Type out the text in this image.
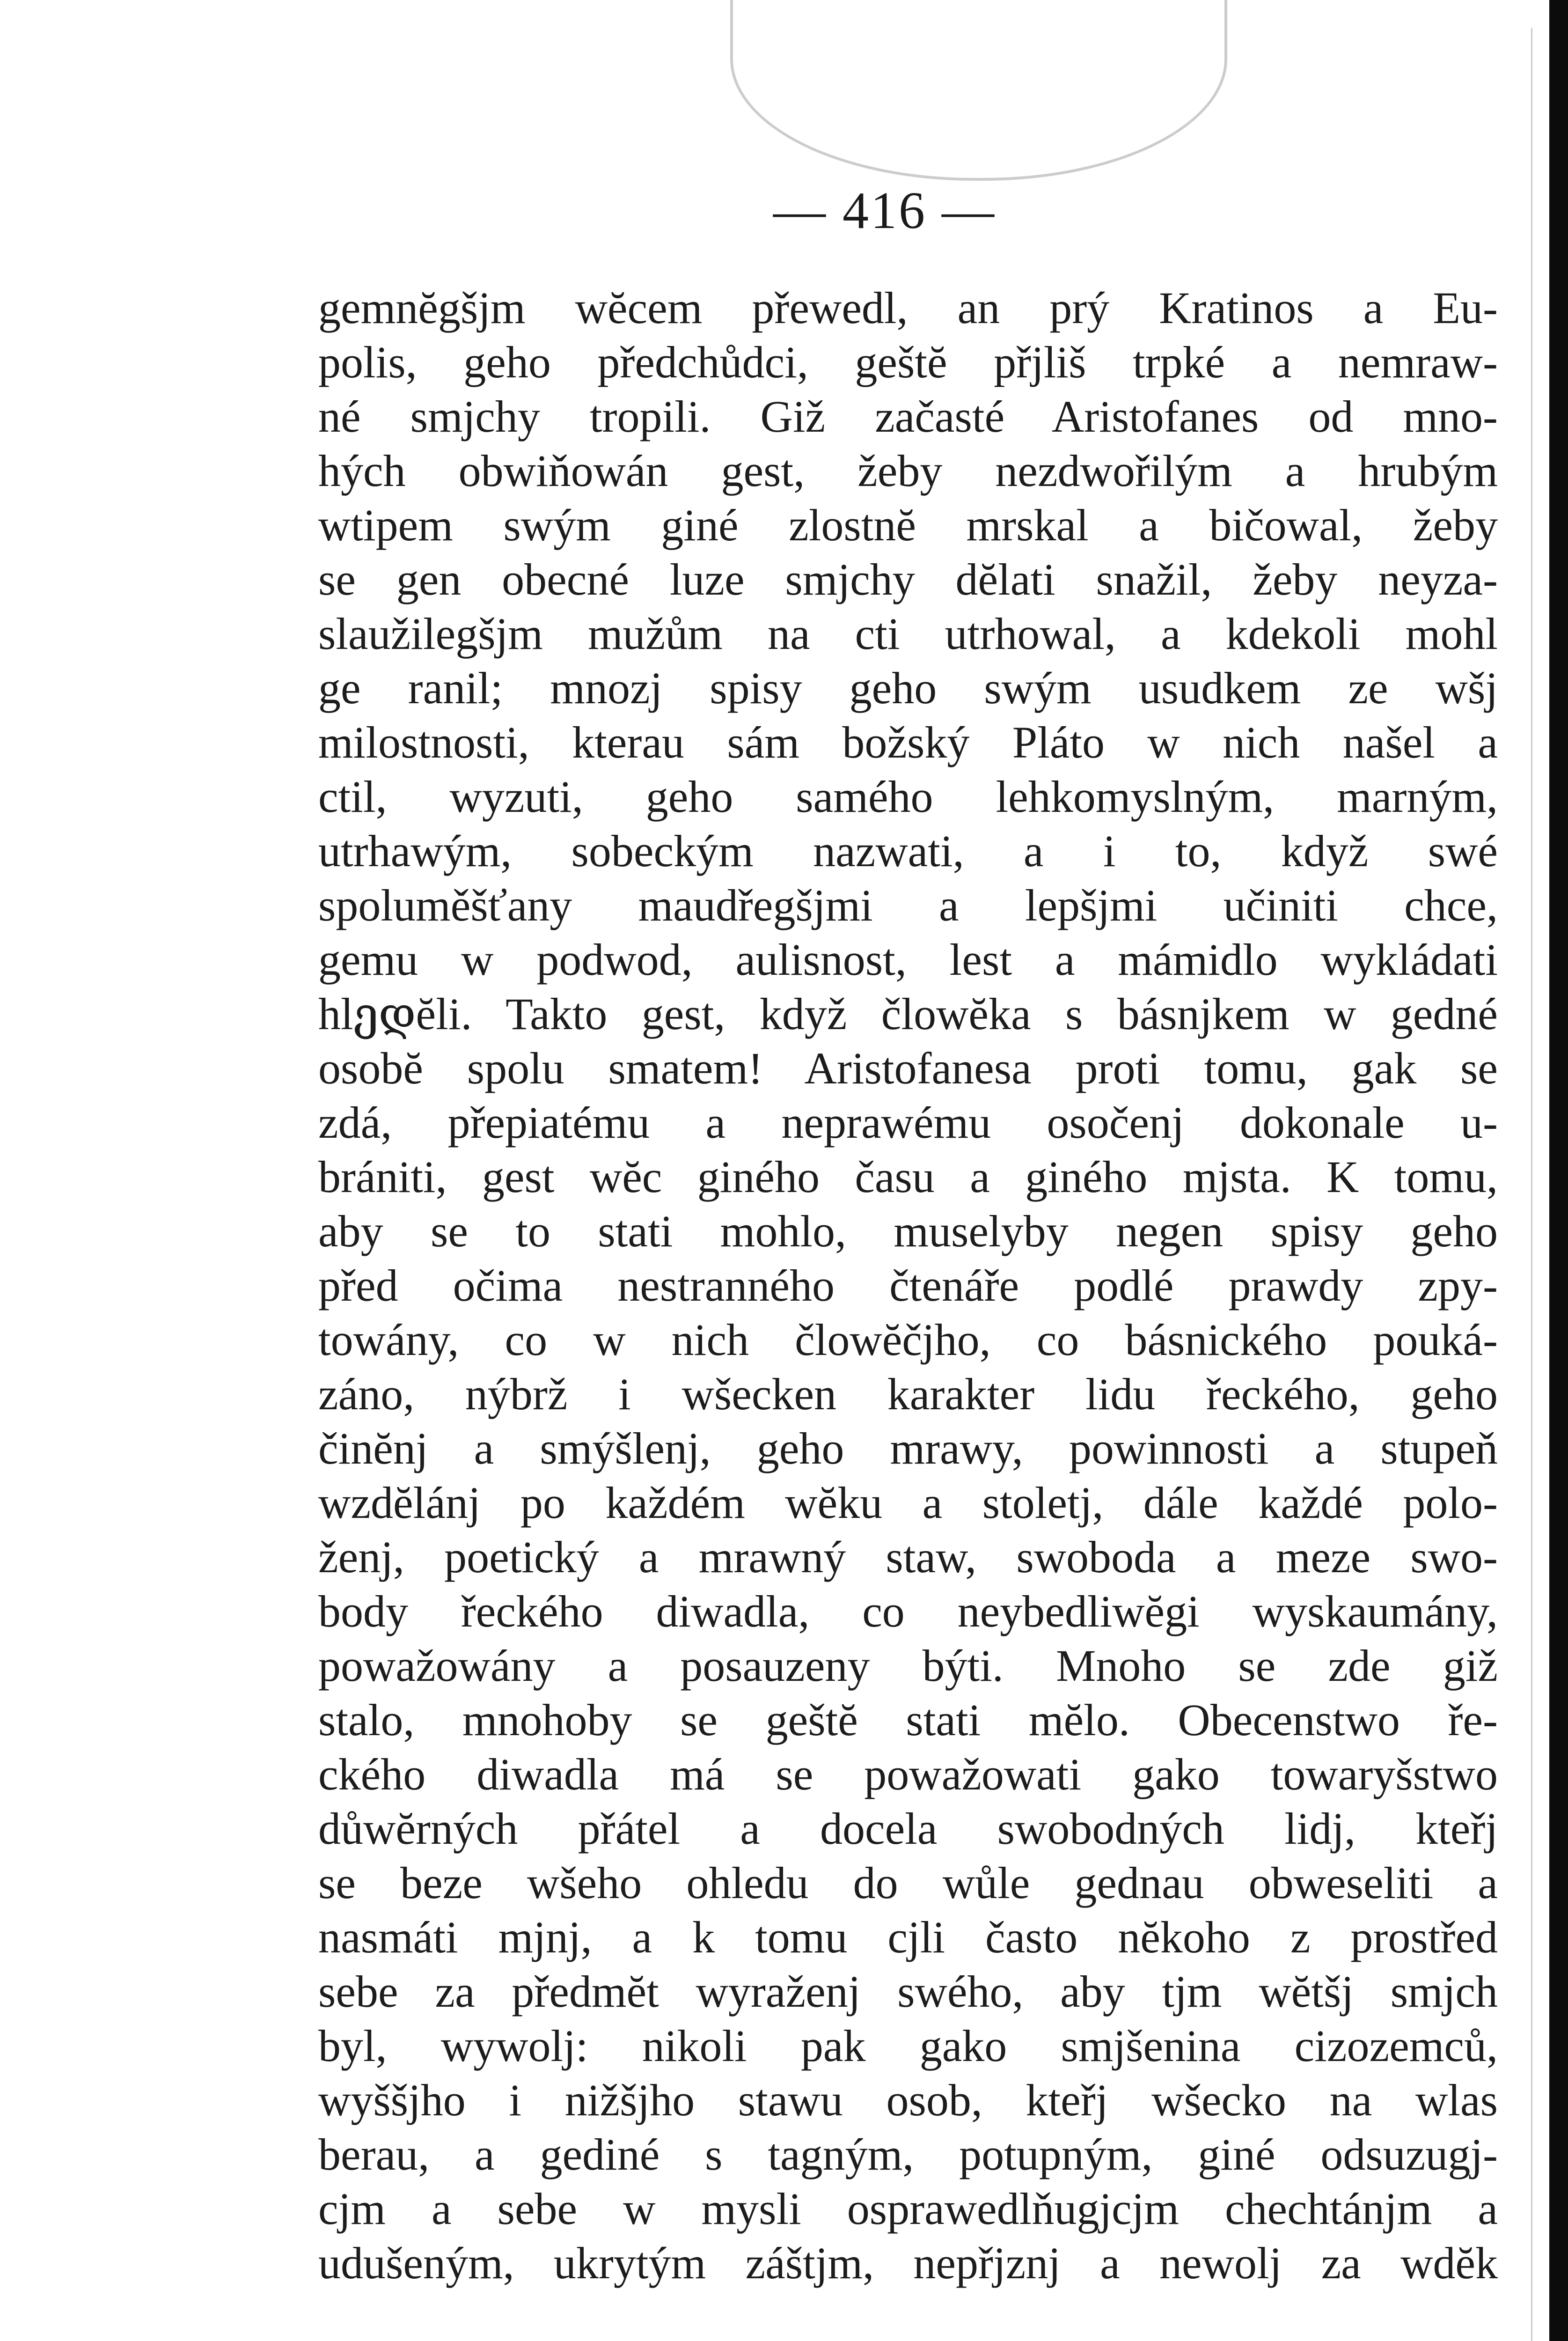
— 416 —
gemnĕgšjm wĕcem přewedl, an prý Kratinos a Eu-
polis, geho předchůdci, geštĕ přjliš trpké a nemraw-
né smjchy tropili. Giž začasté Aristofanes od mno-
hých obwiňowán gest, žeby nezdwořilým a hrubým
wtipem swým giné zlostnĕ mrskal a bičowal, žeby
se gen obecné luze smjchy dĕlati snažil, žeby neyza-
slaužilegšjm mužům na cti utrhowal, a kdekoli mohl
ge ranil; mnozj spisy geho swým usudkem ze wšj
milostnosti, kterau sám božský Pláto w nich našel a
ctil, wyzuti, geho samého lehkomyslným, marným,
utrhawým, sobeckým nazwati, a i to, když swé
spoluměšťany maudřegšjmi a lepšjmi učiniti chce,
gemu w podwod, aulisnost, lest a mámidlo wykládati
hlედĕli. Takto gest, když člowĕka s básnjkem w gedné
osobĕ spolu smatem! Aristofanesa proti tomu, gak se
zdá, přepiatému a neprawému osočenj dokonale u-
brániti, gest wĕc giného času a giného mjsta. K tomu,
aby se to stati mohlo, muselyby negen spisy geho
před očima nestranného čtenáře podlé prawdy zpy-
towány, co w nich člowĕčjho, co básnického pouká-
záno, nýbrž i wšecken karakter lidu řeckého, geho
činĕnj a smýšlenj, geho mrawy, powinnosti a stupeň
wzdĕlánj po každém wĕku a stoletj, dále každé polo-
ženj, poetický a mrawný staw, swoboda a meze swo-
body řeckého diwadla, co neybedliwĕgi wyskaumány,
powažowány a posauzeny býti. Mnoho se zde giž
stalo, mnohoby se geštĕ stati mĕlo. Obecenstwo ře-
ckého diwadla má se powažowati gako towaryšstwo
důwĕrných přátel a docela swobodných lidj, kteřj
se beze wšeho ohledu do wůle gednau obweseliti a
nasmáti mjnj, a k tomu cjli často nĕkoho z prostřed
sebe za předmĕt wyraženj swého, aby tjm wĕtšj smjch
byl, wywolj: nikoli pak gako smjšenina cizozemců,
wyššjho i nižšjho stawu osob, kteřj wšecko na wlas
berau, a gediné s tagným, potupným, giné odsuzugj-
cjm a sebe w mysli osprawedlňugjcjm chechtánjm a
udušeným, ukrytým záštjm, nepřjznj a newolj za wdĕk
